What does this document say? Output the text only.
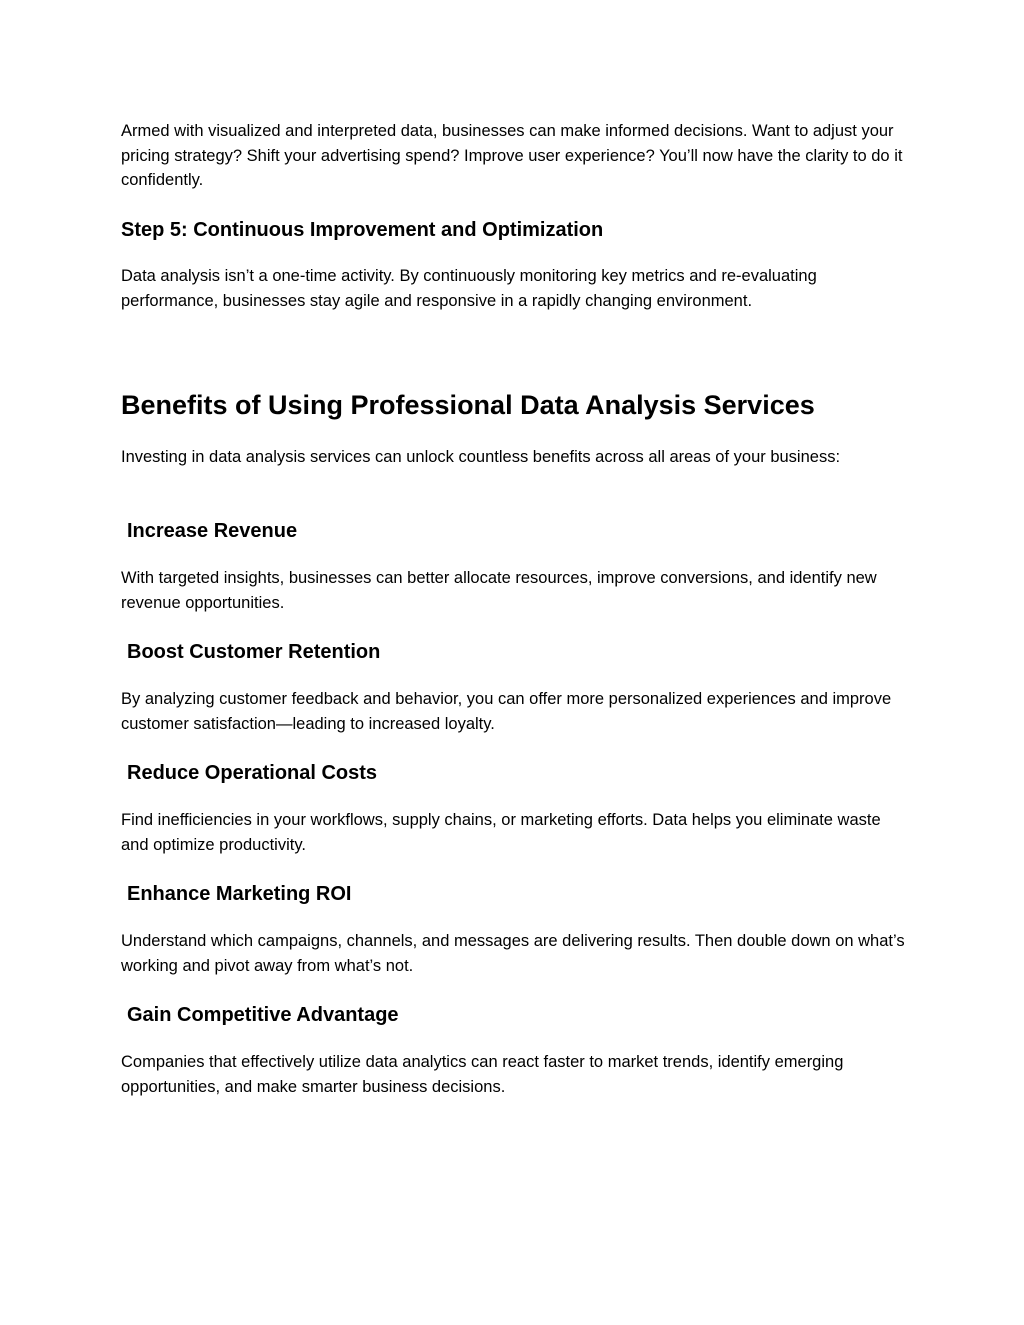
Armed with visualized and interpreted data, businesses can make informed decisions. Want to adjust your pricing strategy? Shift your advertising spend? Improve user experience? You’ll now have the clarity to do it confidently.

Step 5: Continuous Improvement and Optimization

Data analysis isn’t a one-time activity. By continuously monitoring key metrics and re-evaluating performance, businesses stay agile and responsive in a rapidly changing environment.

Benefits of Using Professional Data Analysis Services

Investing in data analysis services can unlock countless benefits across all areas of your business:

Increase Revenue

With targeted insights, businesses can better allocate resources, improve conversions, and identify new revenue opportunities.

Boost Customer Retention

By analyzing customer feedback and behavior, you can offer more personalized experiences and improve customer satisfaction—leading to increased loyalty.

Reduce Operational Costs

Find inefficiencies in your workflows, supply chains, or marketing efforts. Data helps you eliminate waste and optimize productivity.

Enhance Marketing ROI

Understand which campaigns, channels, and messages are delivering results. Then double down on what’s working and pivot away from what’s not.

Gain Competitive Advantage

Companies that effectively utilize data analytics can react faster to market trends, identify emerging opportunities, and make smarter business decisions.
